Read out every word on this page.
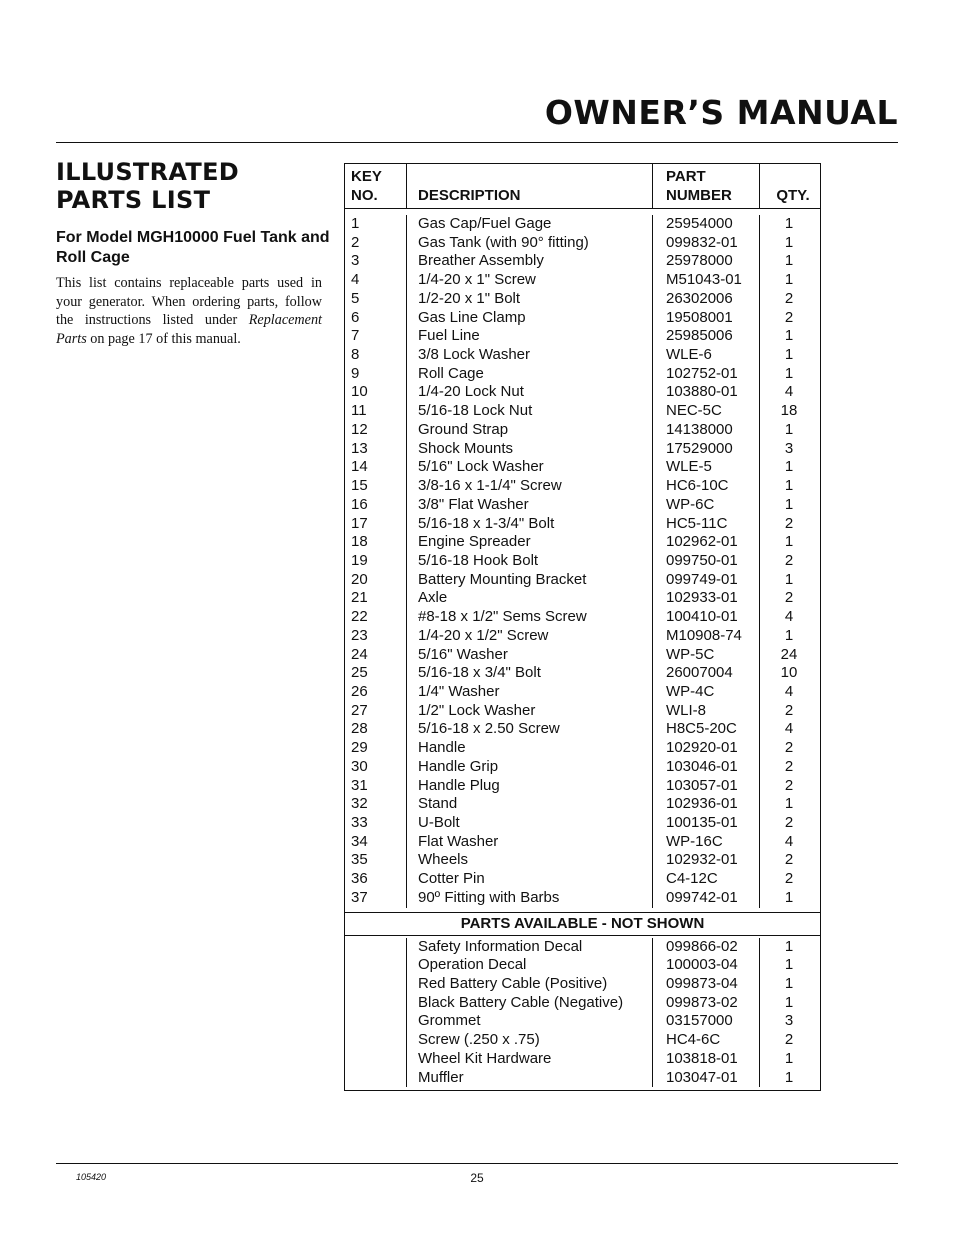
OWNER’S MANUAL
ILLUSTRATED PARTS LIST
For Model MGH10000 Fuel Tank and Roll Cage
This list contains replaceable parts used in your generator. When ordering parts, follow the instructions listed under Replacement Parts on page 17 of this manual.
KEY
NO.	DESCRIPTION
PART
NUMBER	QTY.
1	Gas Cap/Fuel Gage	25954000	1
2	Gas Tank (with 90° fitting)	099832-01	1
3	Breather Assembly	25978000	1
4	1/4-20 x 1" Screw	M51043-01	1
5	1/2-20 x 1" Bolt	26302006	2
6	Gas Line Clamp	19508001	2
7	Fuel Line	25985006	1
8	3/8 Lock Washer	WLE-6	1
9	Roll Cage	102752-01	1
10	1/4-20 Lock Nut	103880-01	4
11	5/16-18 Lock Nut	NEC-5C	18
12	Ground Strap	14138000	1
13	Shock Mounts	17529000	3
14	5/16" Lock Washer	WLE-5	1
15	3/8-16 x 1-1/4" Screw	HC6-10C	1
16	3/8" Flat Washer	WP-6C	1
17	5/16-18 x 1-3/4" Bolt	HC5-11C	2
18	Engine Spreader	102962-01	1
19	5/16-18 Hook Bolt	099750-01	2
20	Battery Mounting Bracket	099749-01	1
21	Axle	102933-01	2
22	#8-18 x 1/2" Sems Screw	100410-01	4
23	1/4-20 x 1/2" Screw	M10908-74	1
24	5/16" Washer	WP-5C	24
25	5/16-18 x 3/4" Bolt	26007004	10
26	1/4" Washer	WP-4C	4
27	1/2" Lock Washer	WLI-8	2
28	5/16-18 x 2.50 Screw	H8C5-20C	4
29	Handle	102920-01	2
30	Handle Grip	103046-01	2
31	Handle Plug	103057-01	2
32	Stand	102936-01	1
33	U-Bolt	100135-01	2
34	Flat Washer	WP-16C	4
35	Wheels	102932-01	2
36	Cotter Pin	C4-12C	2
37	90º Fitting with Barbs	099742-01	1
PARTS AVAILABLE - NOT SHOWN
Safety Information Decal	099866-02	1
Operation Decal	100003-04	1
Red Battery Cable (Positive)	099873-04	1
Black Battery Cable (Negative)	099873-02	1
Grommet	03157000	3
Screw (.250 x .75)	HC4-6C	2
Wheel Kit Hardware	103818-01	1
Muffler	103047-01	1
105420	25
